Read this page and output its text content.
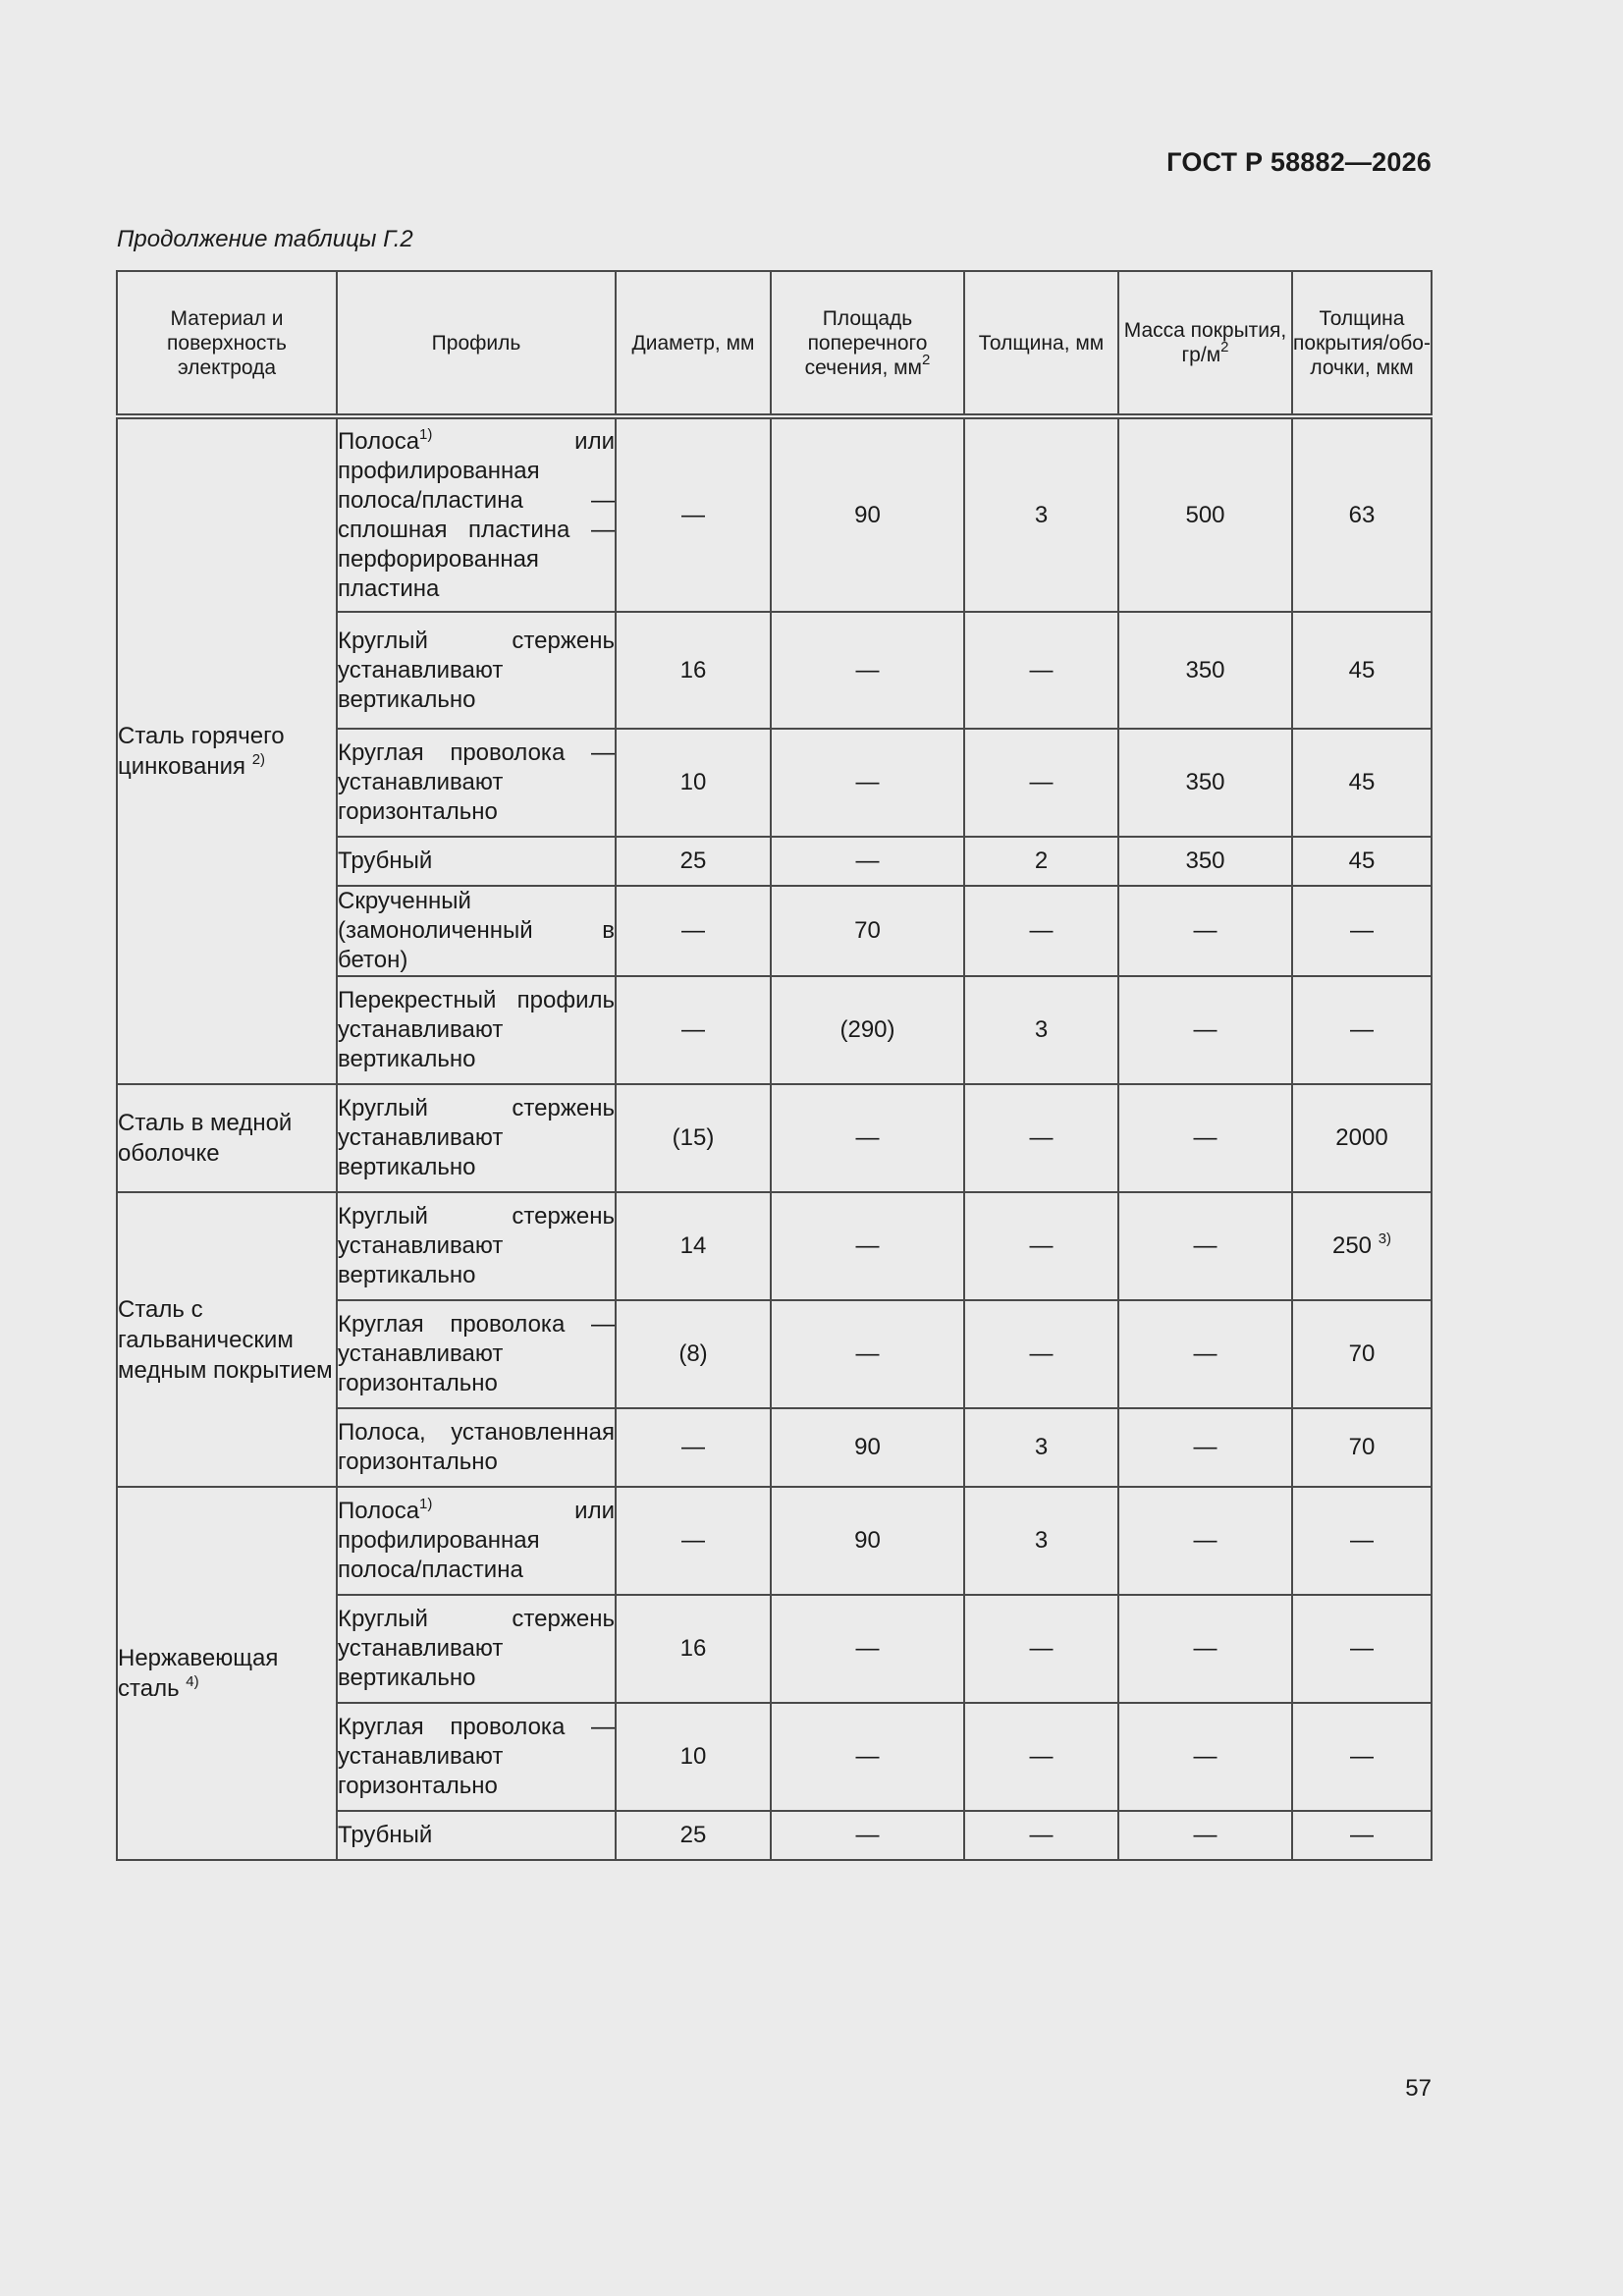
ГОСТ Р 58882—2026
Продолжение таблицы Г.2
Материал и поверхность электрода	Профиль	Диаметр, мм	Площадь поперечного сечения, $мм^2$	Толщина, мм	Масса покрытия, $гр/м^2$	Толщина покрытия/обо-лочки, мкм
Сталь горячего цинкования $^{2)}$	Полоса$^{1)}$ или профилированная полоса/пластина — сплошная пластина — перфорированная пластина	—	90	3	500	63
	Круглый стержень устанавливают вертикально	16	—	—	350	45
	Круглая проволока — устанавливают горизонтально	10	—	—	350	45
	Трубный	25	—	2	350	45
	Скрученный (замоноличенный в бетон)	—	70	—	—	—
	Перекрестный профиль устанавливают вертикально	—	(290)	3	—	—
Сталь в медной оболочке	Круглый стержень устанавливают вертикально	(15)	—	—	—	2000
Сталь с гальваническим медным покрытием	Круглый стержень устанавливают вертикально	14	—	—	—	250 $^{3)}$
	Круглая проволока — устанавливают горизонтально	(8)	—	—	—	70
	Полоса, установленная горизонтально	—	90	3	—	70
Нержавеющая сталь $^{4)}$	Полоса$^{1)}$ или профилированная полоса/пластина	—	90	3	—	—
	Круглый стержень устанавливают вертикально	16	—	—	—	—
	Круглая проволока — устанавливают горизонтально	10	—	—	—	—
	Трубный	25	—	—	—	—
57
